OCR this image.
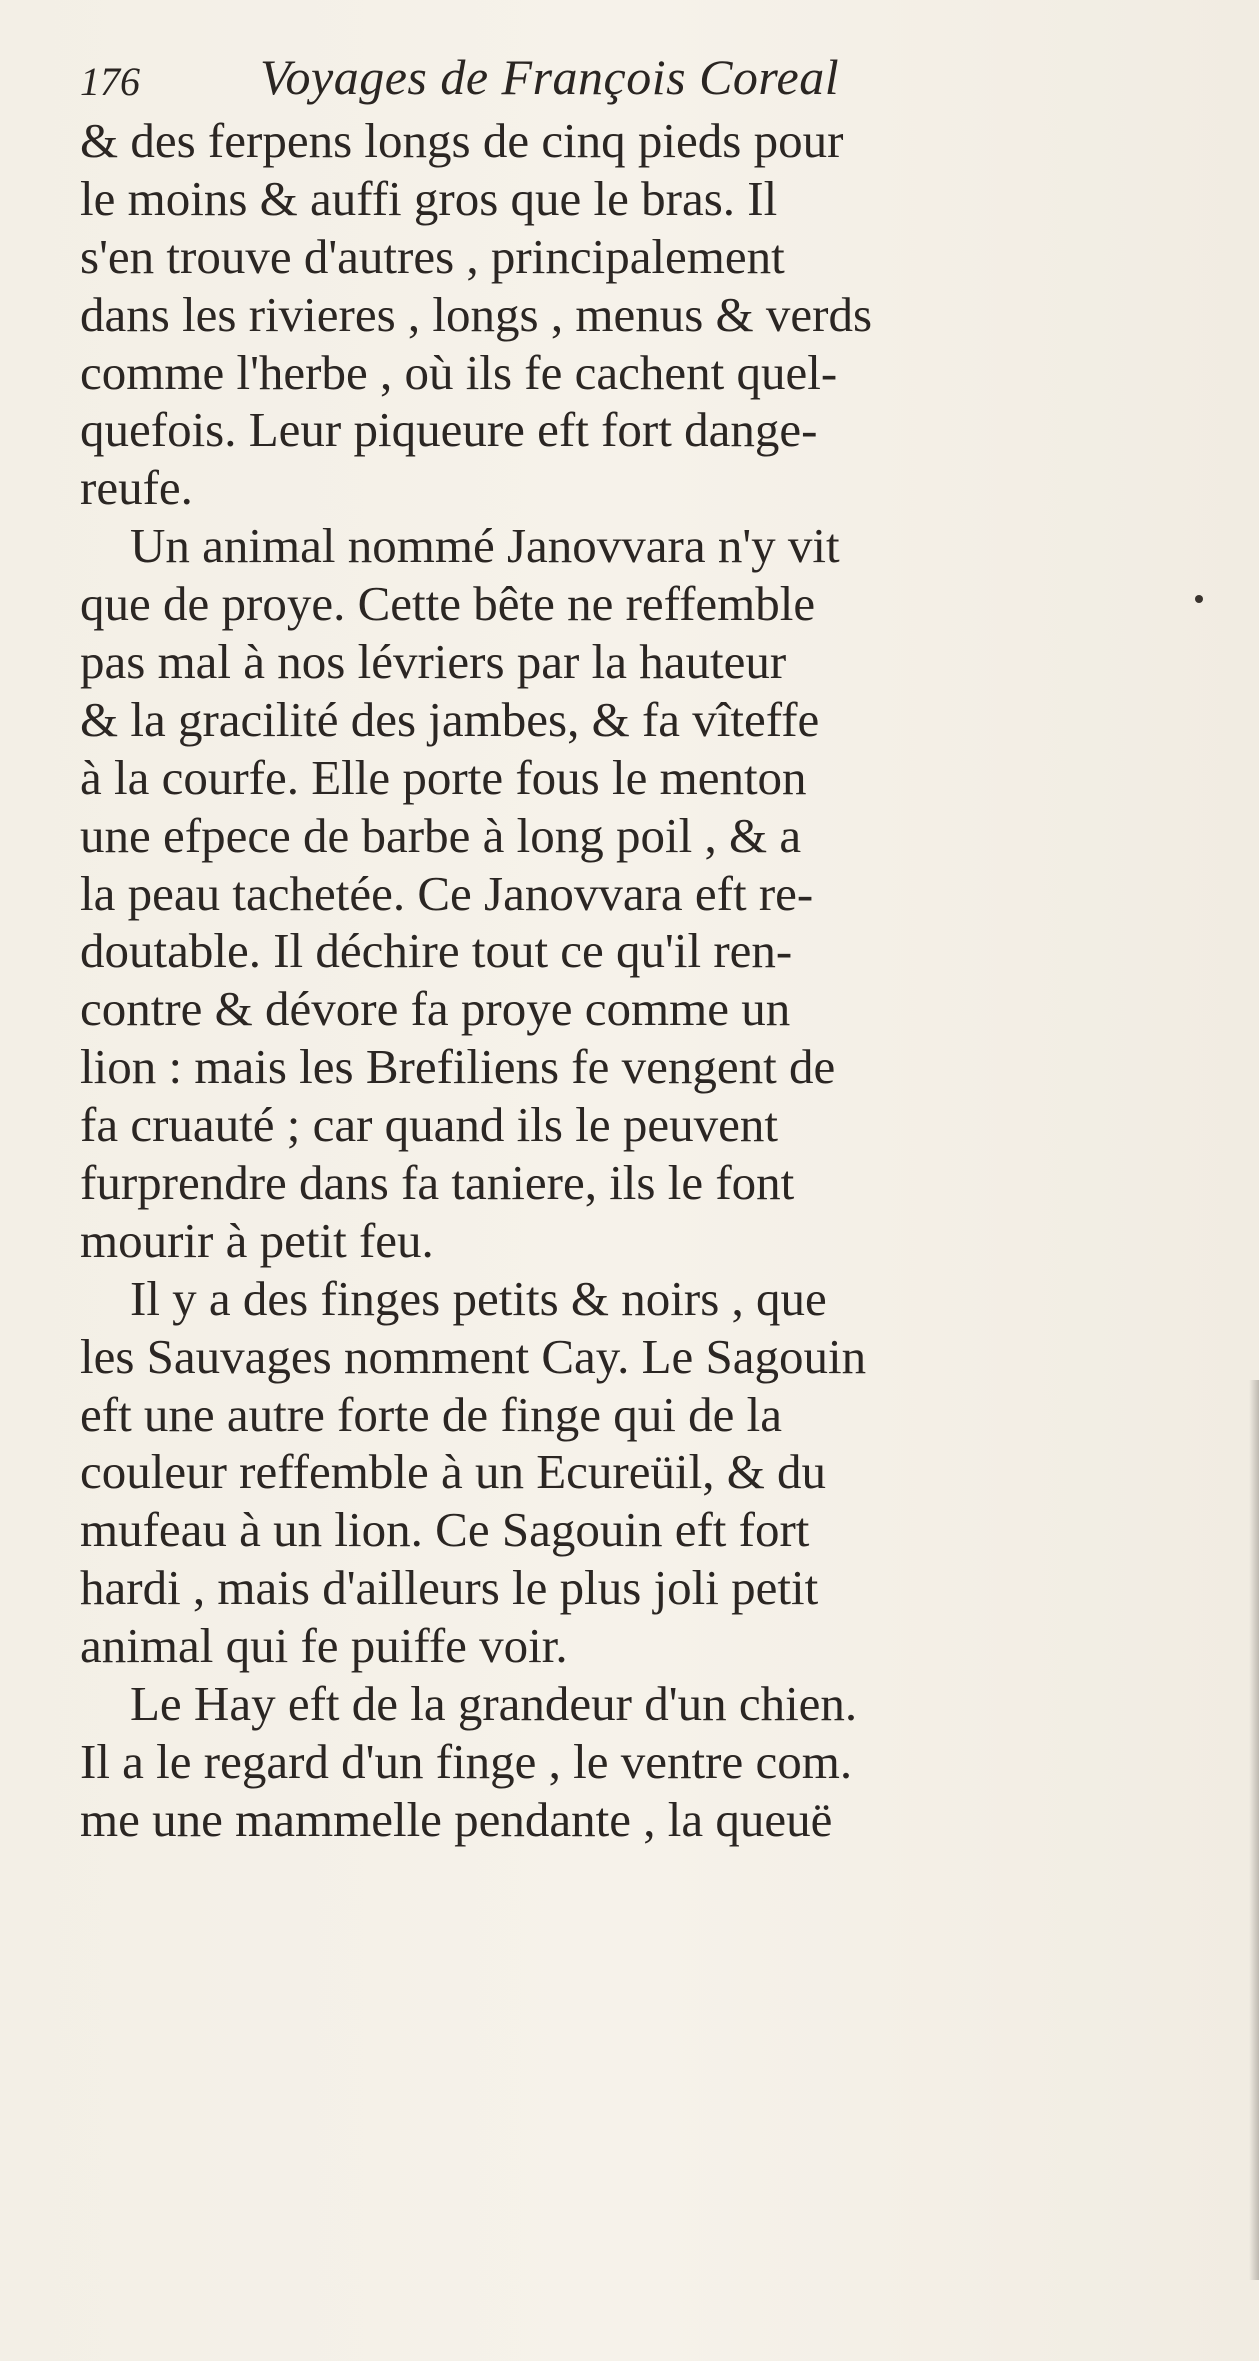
176 Voyages de François Coreal
& des ferpens longs de cinq pieds pour
le moins & auffi gros que le bras. Il
s'en trouve d'autres , principalement
dans les rivieres , longs , menus & verds
comme l'herbe , où ils fe cachent quel-
quefois. Leur piqueure eft fort dange-
reufe.
Un animal nommé Janovvara n'y vit
que de proye. Cette bête ne reffemble
pas mal à nos lévriers par la hauteur
& la gracilité des jambes, & fa vîteffe
à la courfe. Elle porte fous le menton
une efpece de barbe à long poil , & a
la peau tachetée. Ce Janovvara eft re-
doutable. Il déchire tout ce qu'il ren-
contre & dévore fa proye comme un
lion : mais les Brefiliens fe vengent de
fa cruauté ; car quand ils le peuvent
furprendre dans fa taniere, ils le font
mourir à petit feu.
Il y a des finges petits & noirs , que
les Sauvages nomment Cay. Le Sagouin
eft une autre forte de finge qui de la
couleur reffemble à un Ecureüil, & du
mufeau à un lion. Ce Sagouin eft fort
hardi , mais d'ailleurs le plus joli petit
animal qui fe puiffe voir.
Le Hay eft de la grandeur d'un chien.
Il a le regard d'un finge , le ventre com.
me une mammelle pendante , la queuë
